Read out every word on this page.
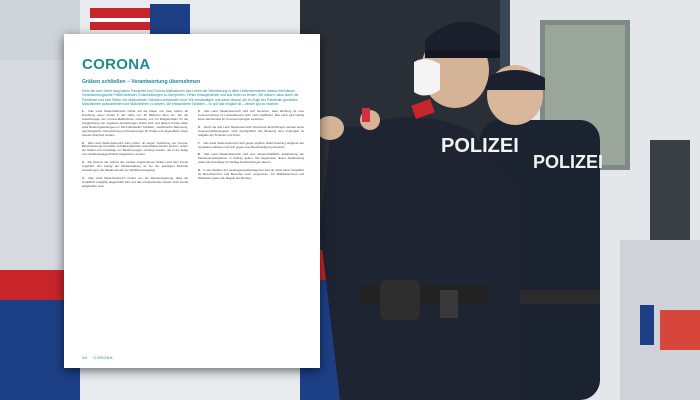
POLIZEI
POLIZEI
CORONA
Gräben schließen – Verantwortung übernehmen
Mehr als zwei Jahre lang haben Pandemie und Corona-Maßnahmen das Leben der Bevölkerung in allen Lebensbereichen massiv beeinflusst. Verantwortungsvolle Politik bedeutet, Entscheidungen zu überprüfen, Fehler einzugestehen und aus ihnen zu lernen. Wir wissen, dass durch die Pandemie und eine Reihe von Maßnahmen Schäden entstanden sind. Wir verständigen uns daher darauf, die im Zuge der Pandemie gesetzten Maßnahmen aufzuarbeiten und Maßnahmen zu setzen, die entstandene Schäden – so gut das möglich ist – wieder gut zu machen.
1. Das Land Niederösterreich richtet auf die Dauer von zwei Jahren ab Errichtung einen Fonds in der Höhe von 30 Millionen Euro ein, der die Auswirkungen der Corona-Maßnahmen erwiesen und mit Budgetmitteln für die Ausgleichung von negativen Auswirkungen dotiert wird. Aus diesem Fonds sollen etwa Beratungsleistungen im Fall individueller Schäden, medizinische Betreuung, psychologische Unterstützung und Förderungen für Kinder und Jugendliche sowie Vereine finanziert werden.
2. Das Land Niederösterreich wird prüfen, ob wegen Verletzung von Corona-Beschränkungen bezahlte Verwaltungsstrafen rückerstattet werden können, sofern die Strafen auf Grundlage von Bestimmungen verhängt wurden, die in der Folge vom Verfassungsgerichtshof aufgehoben wurden.
3. Die Summe der seitens des Landes eingehobenen Strafen wird dem Fonds zugeführt. Ein Antrag auf Rückerstattung ist bei der jeweiligen Behörde einzubringen; die Details werden per Richtlinie festgelegt.
4. Das Land Niederösterreich fordert von der Bundesregierung, dass die Impfpflicht endgültig abgeschafft wird und das entsprechende Gesetz auch formal aufgehoben wird.
5. Das Land Niederösterreich wird sich bemühen, dass Werbung für eine Corona-Impfung im Landesbereich nicht mehr stattfindet. Das Land wird künftig keine Werbemittel für Corona-Impfungen einsetzen.
6. Durch die das Land Niederösterreich finanzierte Einrichtungen werden keine Corona-Impfkampagnen mehr durchgeführt. Die Beratung über Impfungen ist Aufgabe der Ärztinnen und Ärzte.
7. Das Land Niederösterreich wird gegen jegliche Diskriminierung aufgrund des Impfstatus auftreten und sich gegen eine Benachteiligung einsetzen.
8. Das Land Niederösterreich wird eine wissenschaftliche Aufarbeitung der Pandemiemaßnahmen in Auftrag geben. Die Ergebnisse dieser Aufarbeitung sollen als Grundlage für künftige Entscheidungen dienen.
9. In den Kliniken der Landesgesundheitsagentur wird ab sofort keine Testpflicht für Besucherinnen und Besucher mehr vorgesehen. Für Mitarbeiterinnen und Mitarbeiter gelten die Regeln des Bundes.
38 CORONA
